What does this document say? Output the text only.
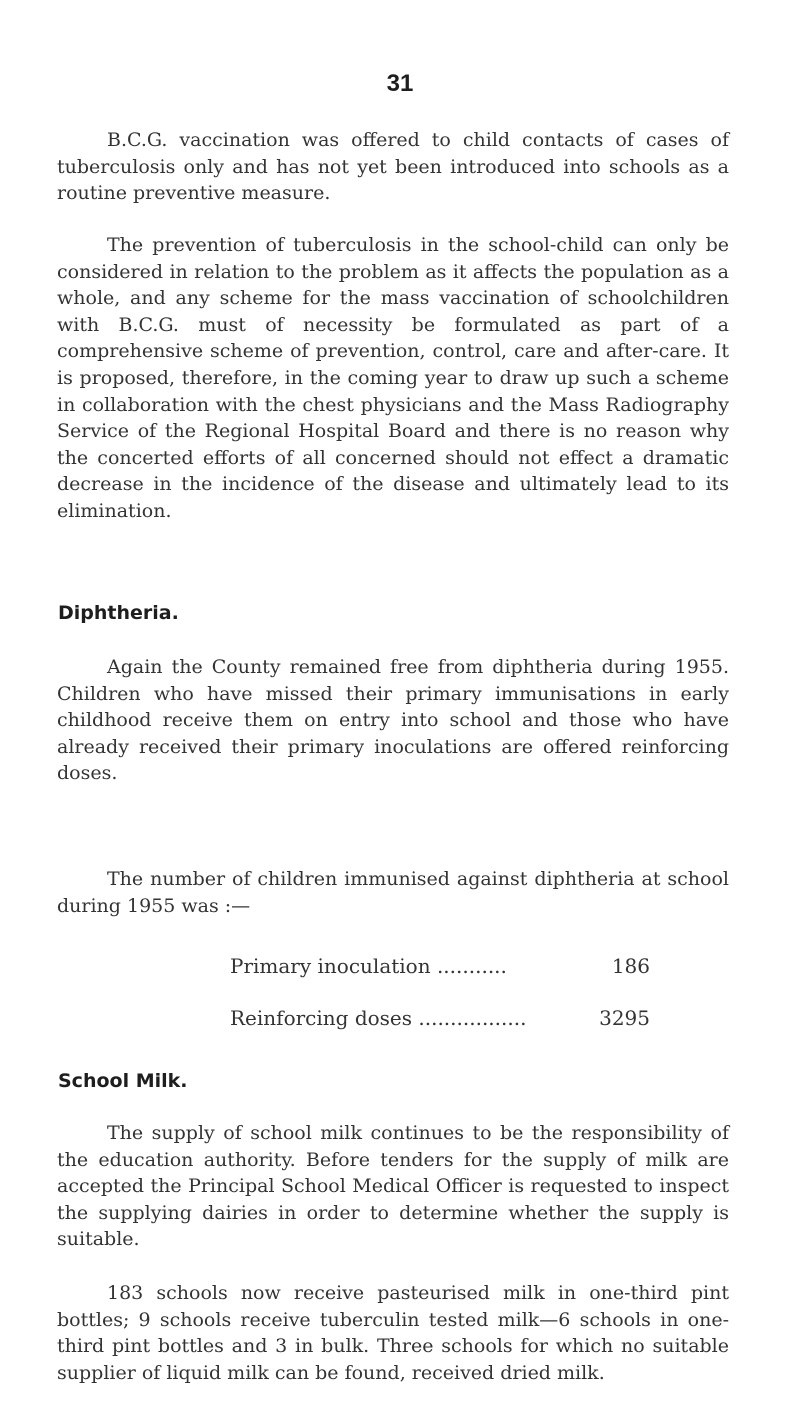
31

B.C.G. vaccination was offered to child contacts of cases of tuberculosis only and has not yet been introduced into schools as a routine preventive measure.

The prevention of tuberculosis in the school-child can only be considered in relation to the problem as it affects the population as a whole, and any scheme for the mass vaccination of schoolchildren with B.C.G. must of necessity be formulated as part of a comprehensive scheme of prevention, control, care and after-care. It is proposed, therefore, in the coming year to draw up such a scheme in collaboration with the chest physicians and the Mass Radiography Service of the Regional Hospital Board and there is no reason why the concerted efforts of all concerned should not effect a dramatic decrease in the incidence of the disease and ultimately lead to its elimination.

Diphtheria.

Again the County remained free from diphtheria during 1955. Children who have missed their primary immunisations in early childhood receive them on entry into school and those who have already received their primary inoculations are offered reinforcing doses.

The number of children immunised against diphtheria at school during 1955 was :—

Primary inoculation ...........	186
Reinforcing doses .................	3295
School Milk.

The supply of school milk continues to be the responsibility of the education authority. Before tenders for the supply of milk are accepted the Principal School Medical Officer is requested to inspect the supplying dairies in order to determine whether the supply is suitable.

183 schools now receive pasteurised milk in one-third pint bottles; 9 schools receive tuberculin tested milk—6 schools in one-third pint bottles and 3 in bulk. Three schools for which no suitable supplier of liquid milk can be found, received dried milk.
